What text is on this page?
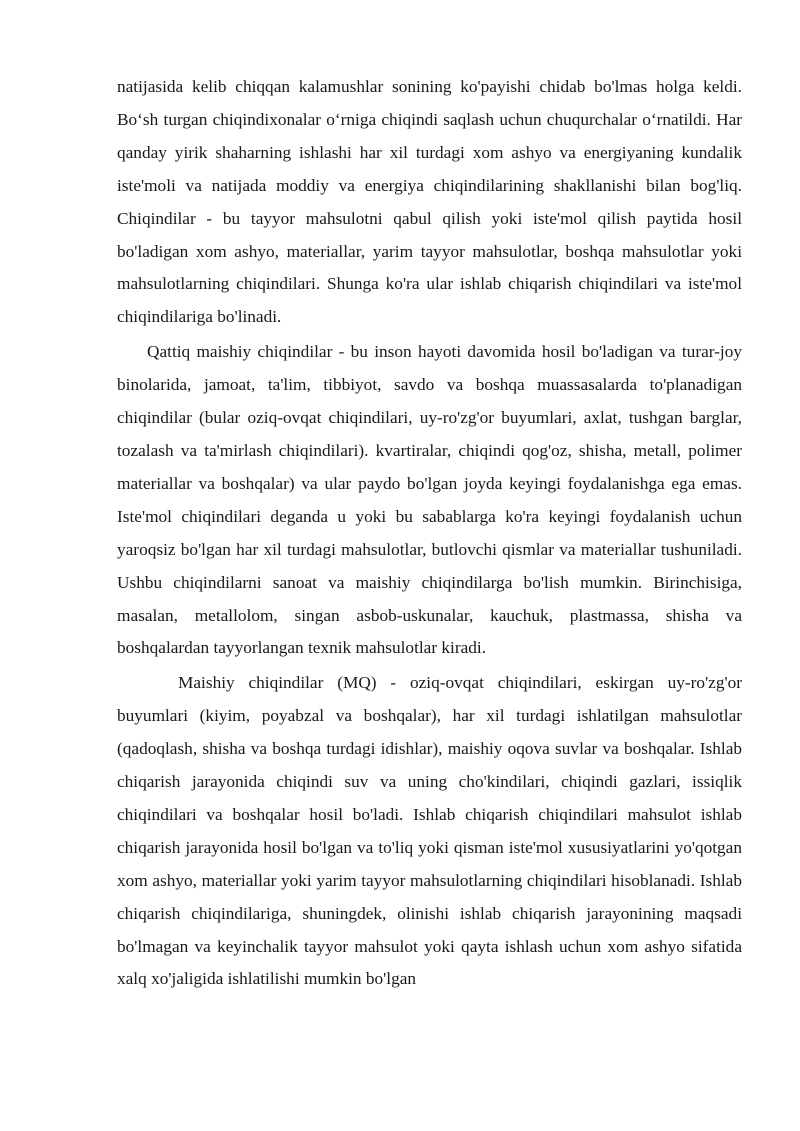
natijasida kelib chiqqan kalamushlar sonining ko'payishi chidab bo'lmas holga keldi. Bo‘sh turgan chiqindixonalar o‘rniga chiqindi saqlash uchun chuqurchalar o‘rnatildi. Har qanday yirik shaharning ishlashi har xil turdagi xom ashyo va energiyaning kundalik iste'moli va natijada moddiy va energiya chiqindilarining shakllanishi bilan bog'liq. Chiqindilar - bu tayyor mahsulotni qabul qilish yoki iste'mol qilish paytida hosil bo'ladigan xom ashyo, materiallar, yarim tayyor mahsulotlar, boshqa mahsulotlar yoki mahsulotlarning chiqindilari. Shunga ko'ra ular ishlab chiqarish chiqindilari va iste'mol chiqindilariga bo'linadi.

Qattiq maishiy chiqindilar - bu inson hayoti davomida hosil bo'ladigan va turar-joy binolarida, jamoat, ta'lim, tibbiyot, savdo va boshqa muassasalarda to'planadigan chiqindilar (bular oziq-ovqat chiqindilari, uy-ro'zg'or buyumlari, axlat, tushgan barglar, tozalash va ta'mirlash chiqindilari). kvartiralar, chiqindi qog'oz, shisha, metall, polimer materiallar va boshqalar) va ular paydo bo'lgan joyda keyingi foydalanishga ega emas. Iste'mol chiqindilari deganda u yoki bu sabablarga ko'ra keyingi foydalanish uchun yaroqsiz bo'lgan har xil turdagi mahsulotlar, butlovchi qismlar va materiallar tushuniladi. Ushbu chiqindilarni sanoat va maishiy chiqindilarga bo'lish mumkin. Birinchisiga, masalan, metallolom, singan asbob-uskunalar, kauchuk, plastmassa, shisha va boshqalardan tayyorlangan texnik mahsulotlar kiradi.

Maishiy chiqindilar (MQ) - oziq-ovqat chiqindilari, eskirgan uy-ro'zg'or buyumlari (kiyim, poyabzal va boshqalar), har xil turdagi ishlatilgan mahsulotlar (qadoqlash, shisha va boshqa turdagi idishlar), maishiy oqova suvlar va boshqalar. Ishlab chiqarish jarayonida chiqindi suv va uning cho'kindilari, chiqindi gazlari, issiqlik chiqindilari va boshqalar hosil bo'ladi. Ishlab chiqarish chiqindilari mahsulot ishlab chiqarish jarayonida hosil bo'lgan va to'liq yoki qisman iste'mol xususiyatlarini yo'qotgan xom ashyo, materiallar yoki yarim tayyor mahsulotlarning chiqindilari hisoblanadi. Ishlab chiqarish chiqindilariga, shuningdek, olinishi ishlab chiqarish jarayonining maqsadi bo'lmagan va keyinchalik tayyor mahsulot yoki qayta ishlash uchun xom ashyo sifatida xalq xo'jaligida ishlatilishi mumkin bo'lgan
